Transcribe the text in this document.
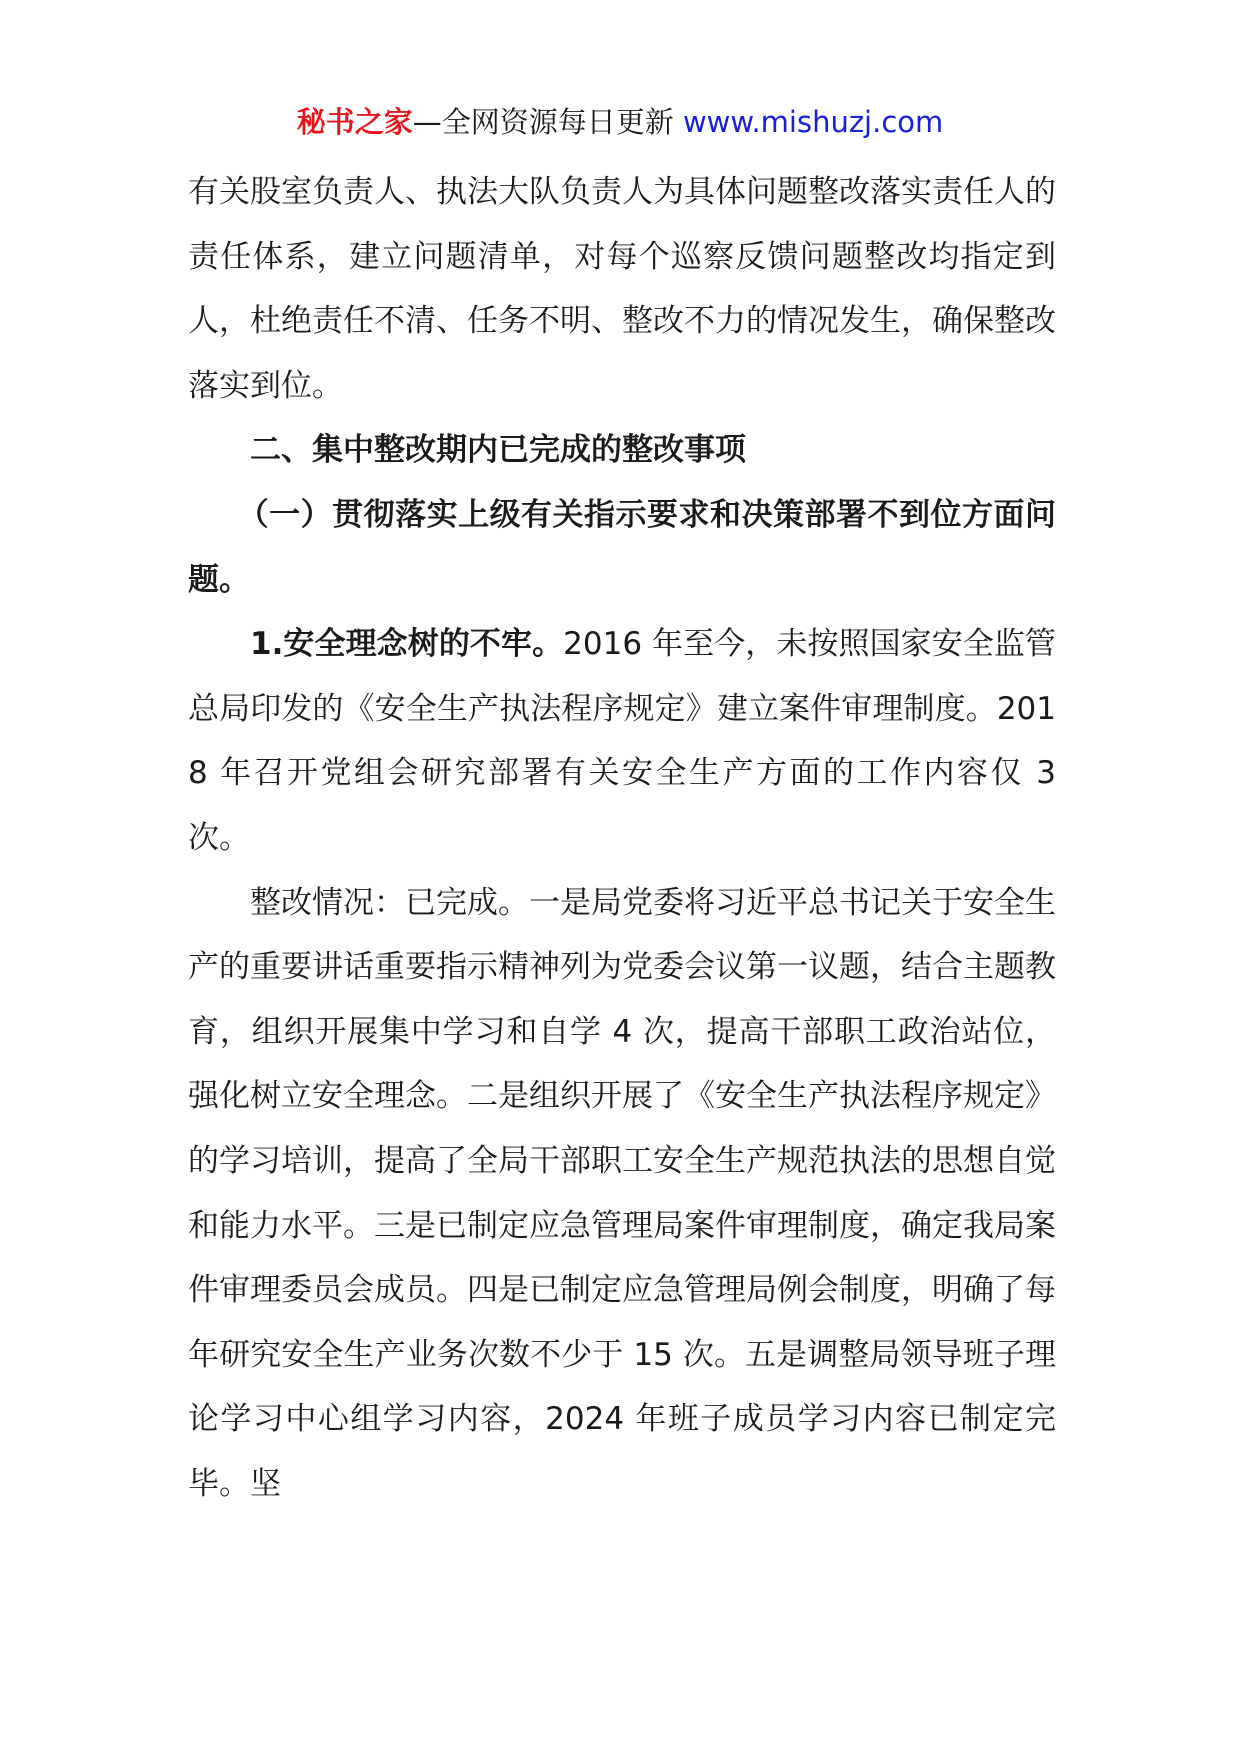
秘书之家—全网资源每日更新 www.mishuzj.com

有关股室负责人、执法大队负责人为具体问题整改落实责任人的责任体系，建立问题清单，对每个巡察反馈问题整改均指定到人，杜绝责任不清、任务不明、整改不力的情况发生，确保整改落实到位。

二、集中整改期内已完成的整改事项

（一）贯彻落实上级有关指示要求和决策部署不到位方面问题。

1.安全理念树的不牢。2016 年至今，未按照国家安全监管总局印发的《安全生产执法程序规定》建立案件审理制度。2018 年召开党组会研究部署有关安全生产方面的工作内容仅 3 次。

整改情况：已完成。一是局党委将习近平总书记关于安全生产的重要讲话重要指示精神列为党委会议第一议题，结合主题教育，组织开展集中学习和自学 4 次，提高干部职工政治站位，强化树立安全理念。二是组织开展了《安全生产执法程序规定》的学习培训，提高了全局干部职工安全生产规范执法的思想自觉和能力水平。三是已制定应急管理局案件审理制度，确定我局案件审理委员会成员。四是已制定应急管理局例会制度，明确了每年研究安全生产业务次数不少于 15 次。五是调整局领导班子理论学习中心组学习内容，2024 年班子成员学习内容已制定完毕。坚
